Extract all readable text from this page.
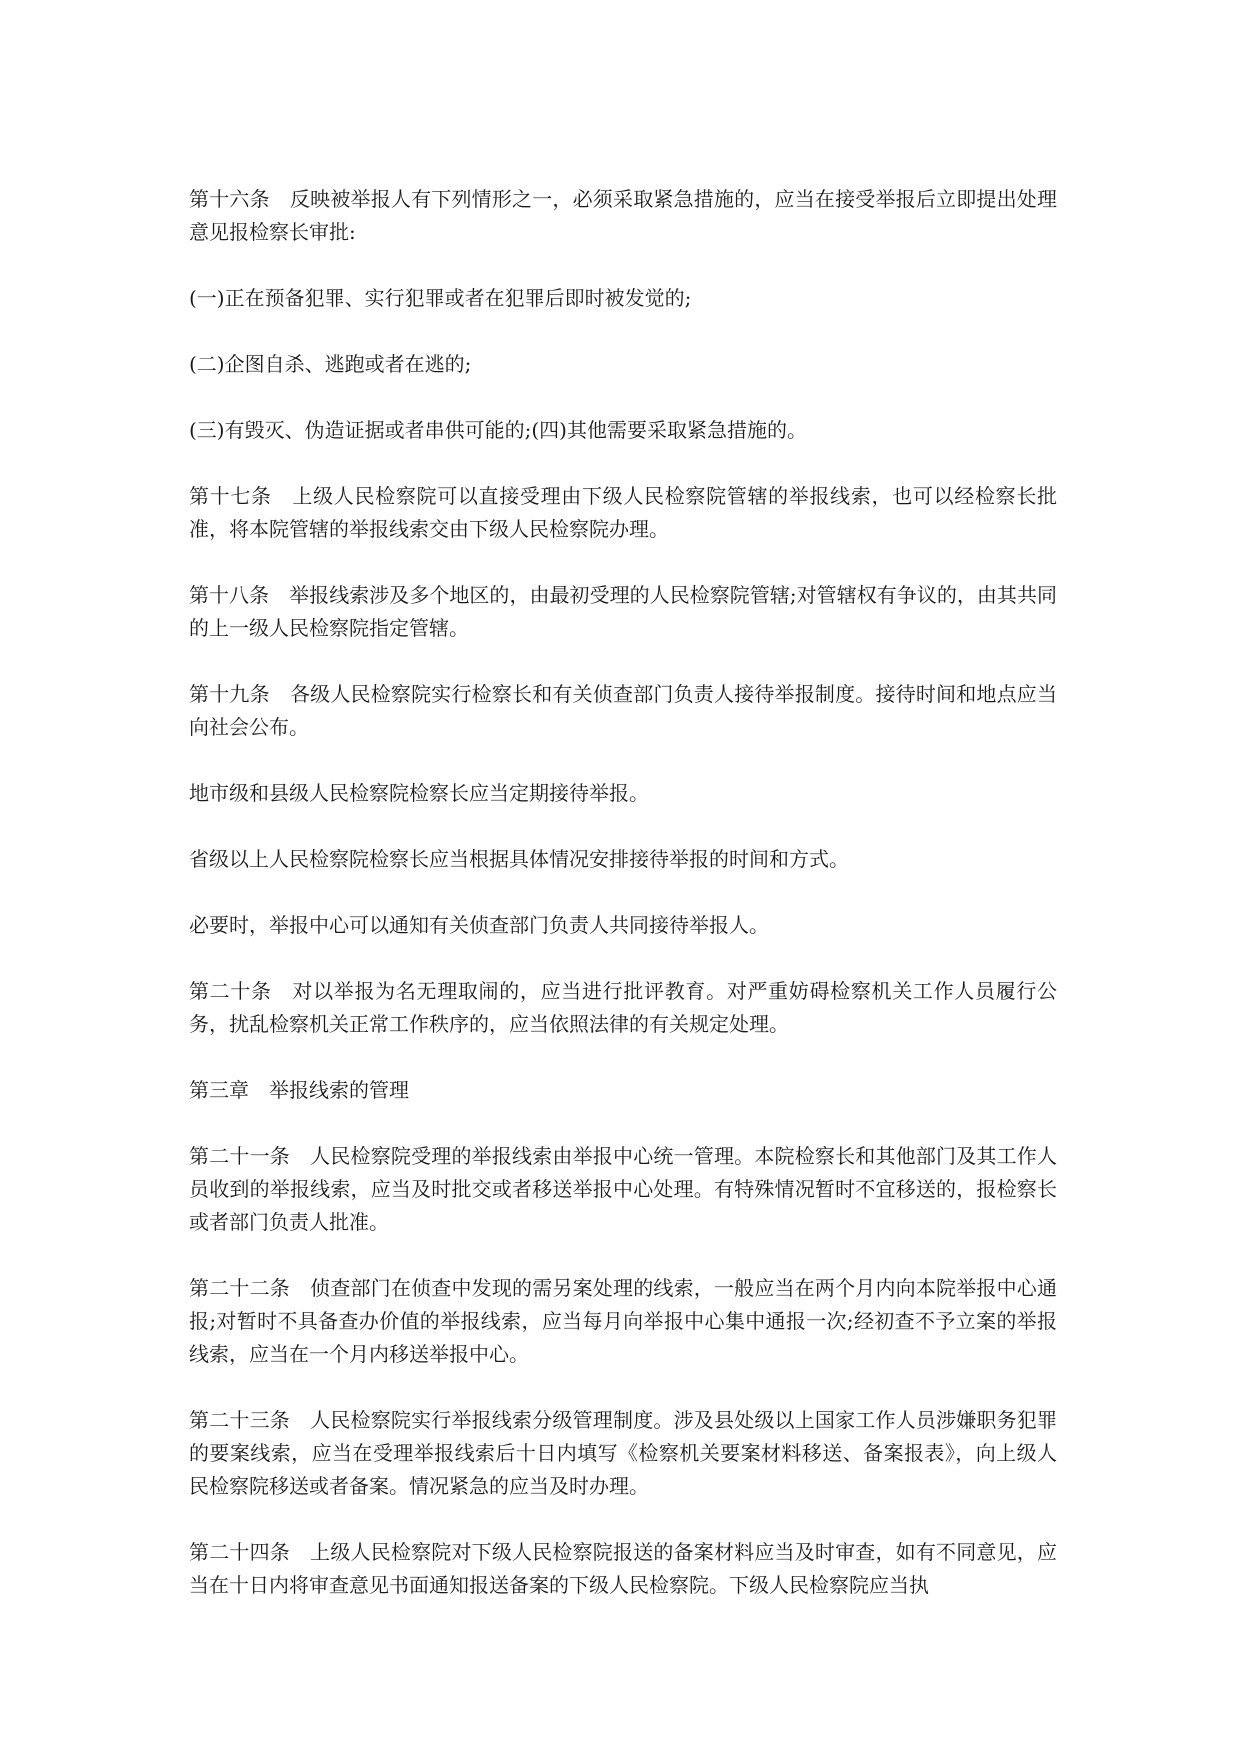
第十六条　反映被举报人有下列情形之一，必须采取紧急措施的，应当在接受举报后立即提出处理意见报检察长审批:

(一)正在预备犯罪、实行犯罪或者在犯罪后即时被发觉的;

(二)企图自杀、逃跑或者在逃的;

(三)有毁灭、伪造证据或者串供可能的;(四)其他需要采取紧急措施的。

第十七条　上级人民检察院可以直接受理由下级人民检察院管辖的举报线索，也可以经检察长批准，将本院管辖的举报线索交由下级人民检察院办理。

第十八条　举报线索涉及多个地区的，由最初受理的人民检察院管辖;对管辖权有争议的，由其共同的上一级人民检察院指定管辖。

第十九条　各级人民检察院实行检察长和有关侦查部门负责人接待举报制度。接待时间和地点应当向社会公布。

地市级和县级人民检察院检察长应当定期接待举报。

省级以上人民检察院检察长应当根据具体情况安排接待举报的时间和方式。

必要时，举报中心可以通知有关侦查部门负责人共同接待举报人。

第二十条　对以举报为名无理取闹的，应当进行批评教育。对严重妨碍检察机关工作人员履行公务，扰乱检察机关正常工作秩序的，应当依照法律的有关规定处理。

第三章　举报线索的管理

第二十一条　人民检察院受理的举报线索由举报中心统一管理。本院检察长和其他部门及其工作人员收到的举报线索，应当及时批交或者移送举报中心处理。有特殊情况暂时不宜移送的，报检察长或者部门负责人批准。

第二十二条　侦查部门在侦查中发现的需另案处理的线索，一般应当在两个月内向本院举报中心通报;对暂时不具备查办价值的举报线索，应当每月向举报中心集中通报一次;经初查不予立案的举报线索，应当在一个月内移送举报中心。

第二十三条　人民检察院实行举报线索分级管理制度。涉及县处级以上国家工作人员涉嫌职务犯罪的要案线索，应当在受理举报线索后十日内填写《检察机关要案材料移送、备案报表》，向上级人民检察院移送或者备案。情况紧急的应当及时办理。

第二十四条　上级人民检察院对下级人民检察院报送的备案材料应当及时审查，如有不同意见，应当在十日内将审查意见书面通知报送备案的下级人民检察院。下级人民检察院应当执
